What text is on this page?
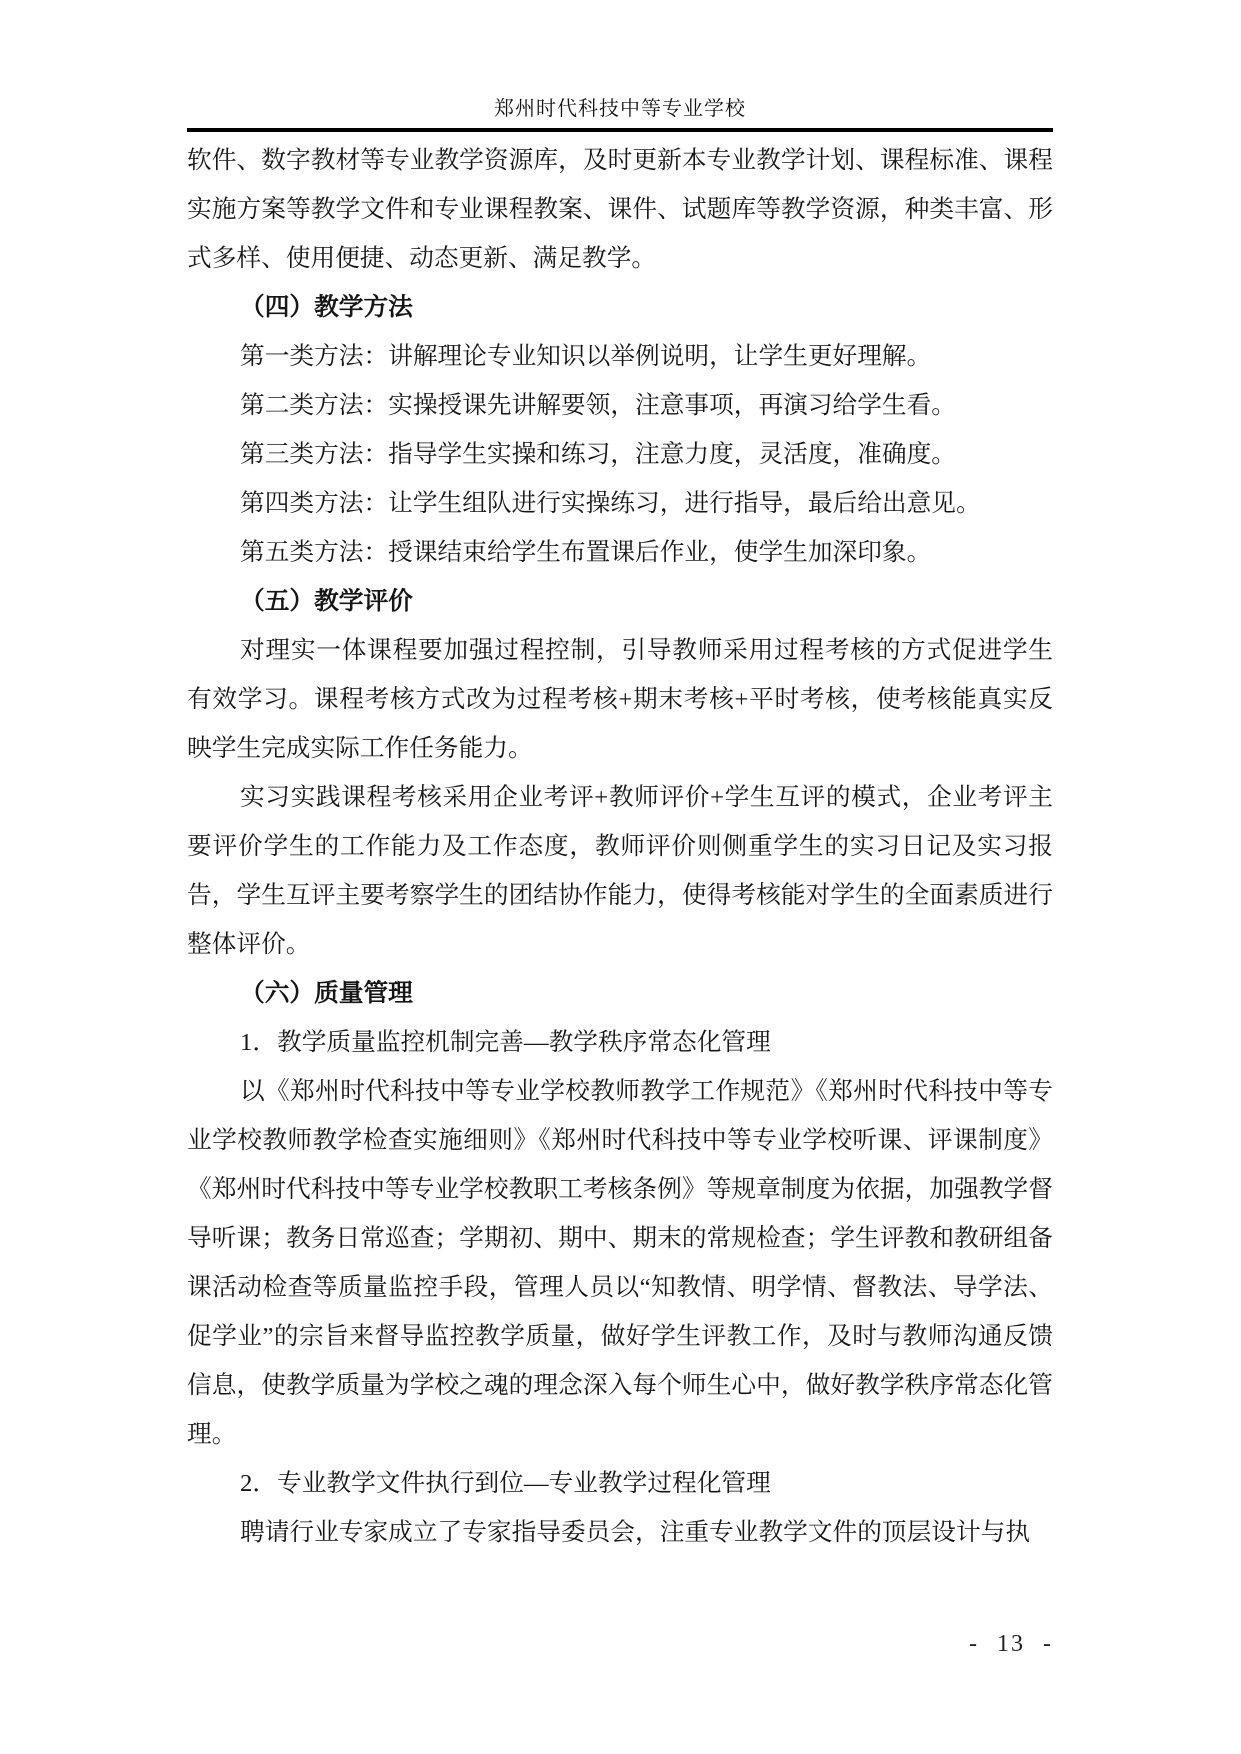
郑州时代科技中等专业学校

软件、数字教材等专业教学资源库，及时更新本专业教学计划、课程标准、课程实施方案等教学文件和专业课程教案、课件、试题库等教学资源，种类丰富、形式多样、使用便捷、动态更新、满足教学。

（四）教学方法

第一类方法：讲解理论专业知识以举例说明，让学生更好理解。

第二类方法：实操授课先讲解要领，注意事项，再演习给学生看。

第三类方法：指导学生实操和练习，注意力度，灵活度，准确度。

第四类方法：让学生组队进行实操练习，进行指导，最后给出意见。

第五类方法：授课结束给学生布置课后作业，使学生加深印象。

（五）教学评价

对理实一体课程要加强过程控制，引导教师采用过程考核的方式促进学生有效学习。课程考核方式改为过程考核+期末考核+平时考核，使考核能真实反映学生完成实际工作任务能力。

实习实践课程考核采用企业考评+教师评价+学生互评的模式，企业考评主要评价学生的工作能力及工作态度，教师评价则侧重学生的实习日记及实习报告，学生互评主要考察学生的团结协作能力，使得考核能对学生的全面素质进行整体评价。

（六）质量管理

1．教学质量监控机制完善—教学秩序常态化管理

以《郑州时代科技中等专业学校教师教学工作规范》《郑州时代科技中等专业学校教师教学检查实施细则》《郑州时代科技中等专业学校听课、评课制度》《郑州时代科技中等专业学校教职工考核条例》等规章制度为依据，加强教学督导听课；教务日常巡查；学期初、期中、期末的常规检查；学生评教和教研组备课活动检查等质量监控手段，管理人员以“知教情、明学情、督教法、导学法、促学业”的宗旨来督导监控教学质量，做好学生评教工作，及时与教师沟通反馈信息，使教学质量为学校之魂的理念深入每个师生心中，做好教学秩序常态化管理。

2．专业教学文件执行到位—专业教学过程化管理

聘请行业专家成立了专家指导委员会，注重专业教学文件的顶层设计与执

- 13 -
